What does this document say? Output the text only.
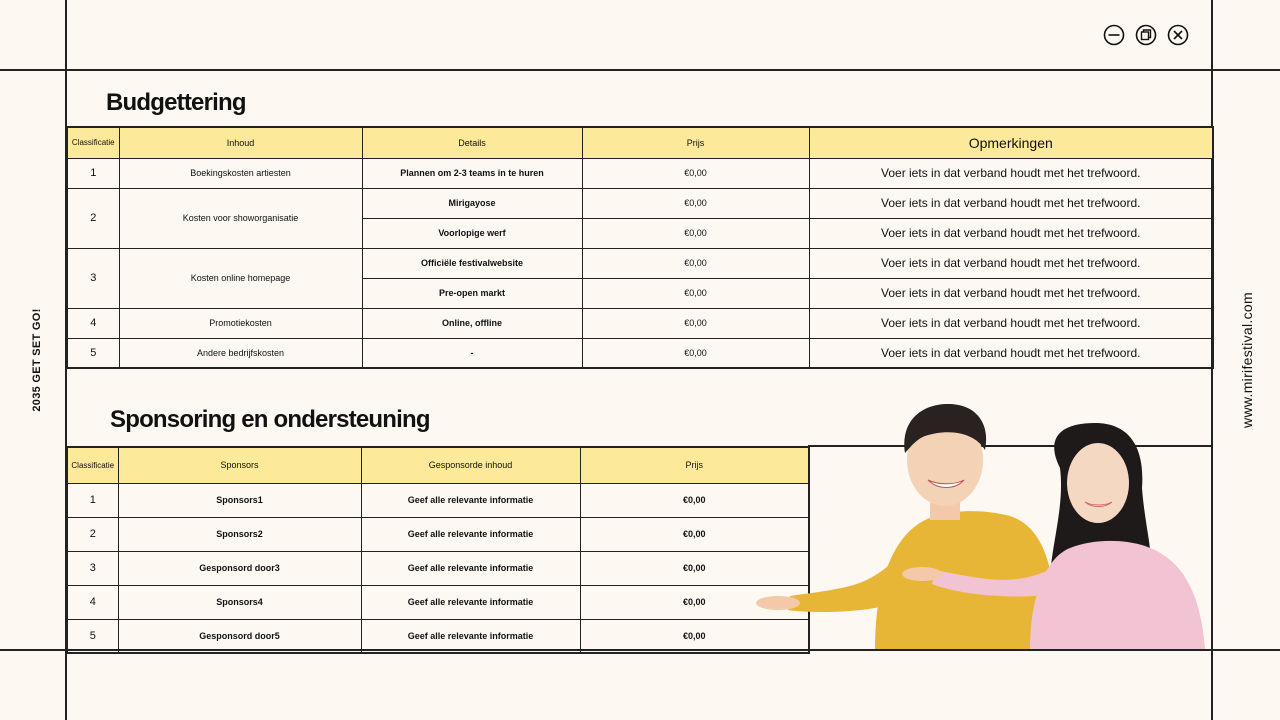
2035 GET SET GO!	www.mirifestival.com
Budgettering
Classificatie	Inhoud	Details	Prijs	Opmerkingen
1	Boekingskosten artiesten	Plannen om 2-3 teams in te huren	€0,00	Voer iets in dat verband houdt met het trefwoord.
2	Kosten voor showorganisatie	Mirigayose	€0,00	Voer iets in dat verband houdt met het trefwoord.
		Voorlopige werf	€0,00	Voer iets in dat verband houdt met het trefwoord.
3	Kosten online homepage	Officiële festivalwebsite	€0,00	Voer iets in dat verband houdt met het trefwoord.
		Pre-open markt	€0,00	Voer iets in dat verband houdt met het trefwoord.
4	Promotiekosten	Online, offline	€0,00	Voer iets in dat verband houdt met het trefwoord.
5	Andere bedrijfskosten	-	€0,00	Voer iets in dat verband houdt met het trefwoord.
Sponsoring en ondersteuning
Classificatie	Sponsors	Gesponsorde inhoud	Prijs
1	Sponsors1	Geef alle relevante informatie	€0,00
2	Sponsors2	Geef alle relevante informatie	€0,00
3	Gesponsord door3	Geef alle relevante informatie	€0,00
4	Sponsors4	Geef alle relevante informatie	€0,00
5	Gesponsord door5	Geef alle relevante informatie	€0,00
